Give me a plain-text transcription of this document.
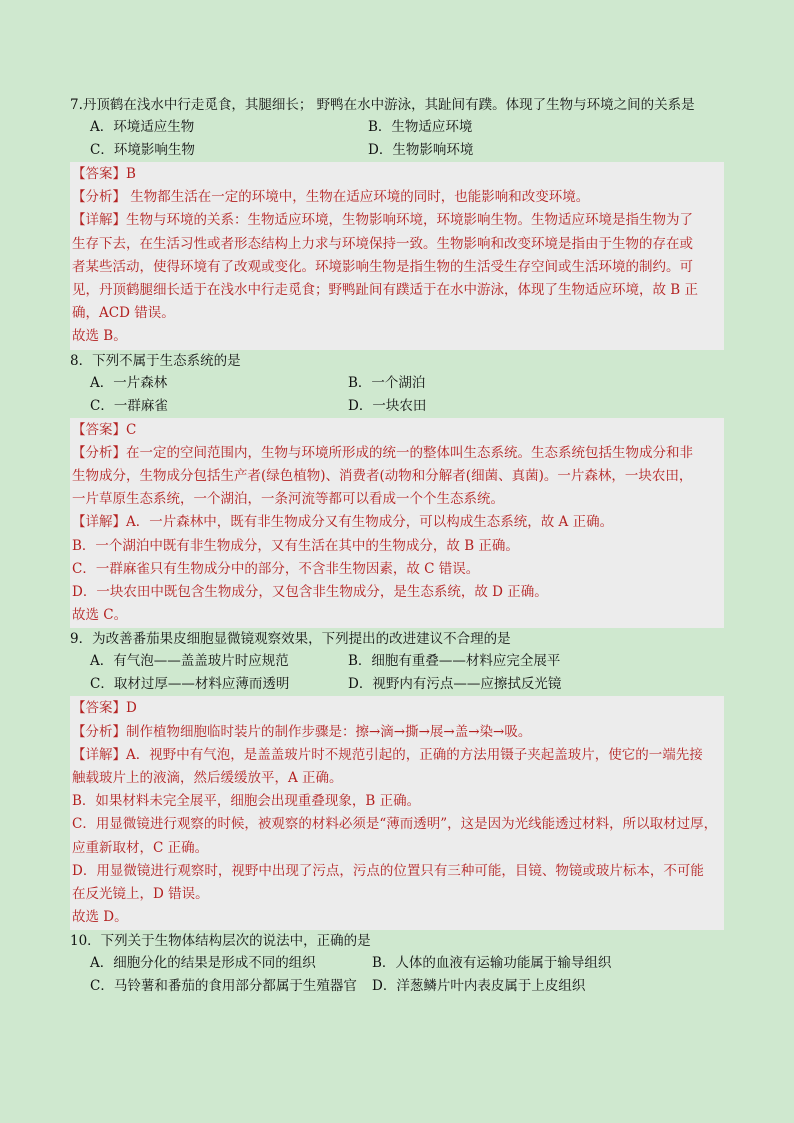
7.丹顶鹤在浅水中行走觅食，其腿细长； 野鸭在水中游泳，其趾间有蹼。体现了生物与环境之间的关系是

A．环境适应生物	B．生物适应环境
C．环境影响生物	D．生物影响环境

【答案】B

【分析】 生物都生活在一定的环境中，生物在适应环境的同时，也能影响和改变环境。

【详解】生物与环境的关系：生物适应环境，生物影响环境，环境影响生物。生物适应环境是指生物为了

生存下去，在生活习性或者形态结构上力求与环境保持一致。生物影响和改变环境是指由于生物的存在或

者某些活动，使得环境有了改观或变化。环境影响生物是指生物的生活受生存空间或生活环境的制约。可

见，丹顶鹤腿细长适于在浅水中行走觅食；野鸭趾间有蹼适于在水中游泳，体现了生物适应环境，故 B 正

确，ACD 错误。

故选 B。

8．下列不属于生态系统的是

A．一片森林	B．一个湖泊
C．一群麻雀	D．一块农田

【答案】C

【分析】在一定的空间范围内，生物与环境所形成的统一的整体叫生态系统。生态系统包括生物成分和非

生物成分，生物成分包括生产者(绿色植物)、消费者(动物和分解者(细菌、真菌)。一片森林，一块农田，

一片草原生态系统，一个湖泊，一条河流等都可以看成一个个生态系统。

【详解】A．一片森林中，既有非生物成分又有生物成分，可以构成生态系统，故 A 正确。

B．一个湖泊中既有非生物成分，又有生活在其中的生物成分，故 B 正确。

C．一群麻雀只有生物成分中的部分，不含非生物因素，故 C 错误。

D．一块农田中既包含生物成分，又包含非生物成分，是生态系统，故 D 正确。

故选 C。

9．为改善番茄果皮细胞显微镜观察效果，下列提出的改进建议不合理的是

A．有气泡——盖盖玻片时应规范	B．细胞有重叠——材料应完全展平
C．取材过厚——材料应薄而透明	D．视野内有污点——应擦拭反光镜

【答案】D

【分析】制作植物细胞临时装片的制作步骤是：擦→滴→撕→展→盖→染→吸。

【详解】A．视野中有气泡，是盖盖玻片时不规范引起的，正确的方法用镊子夹起盖玻片，使它的一端先接

触载玻片上的液滴，然后缓缓放平，A 正确。

B．如果材料未完全展平，细胞会出现重叠现象，B 正确。

C．用显微镜进行观察的时候，被观察的材料必须是“薄而透明”，这是因为光线能透过材料，所以取材过厚，

应重新取材，C 正确。

D．用显微镜进行观察时，视野中出现了污点，污点的位置只有三种可能，目镜、物镜或玻片标本，不可能

在反光镜上，D 错误。

故选 D。

10．下列关于生物体结构层次的说法中，正确的是

A．细胞分化的结果是形成不同的组织	B．人体的血液有运输功能属于输导组织
C．马铃薯和番茄的食用部分都属于生殖器官	D．洋葱鳞片叶内表皮属于上皮组织
